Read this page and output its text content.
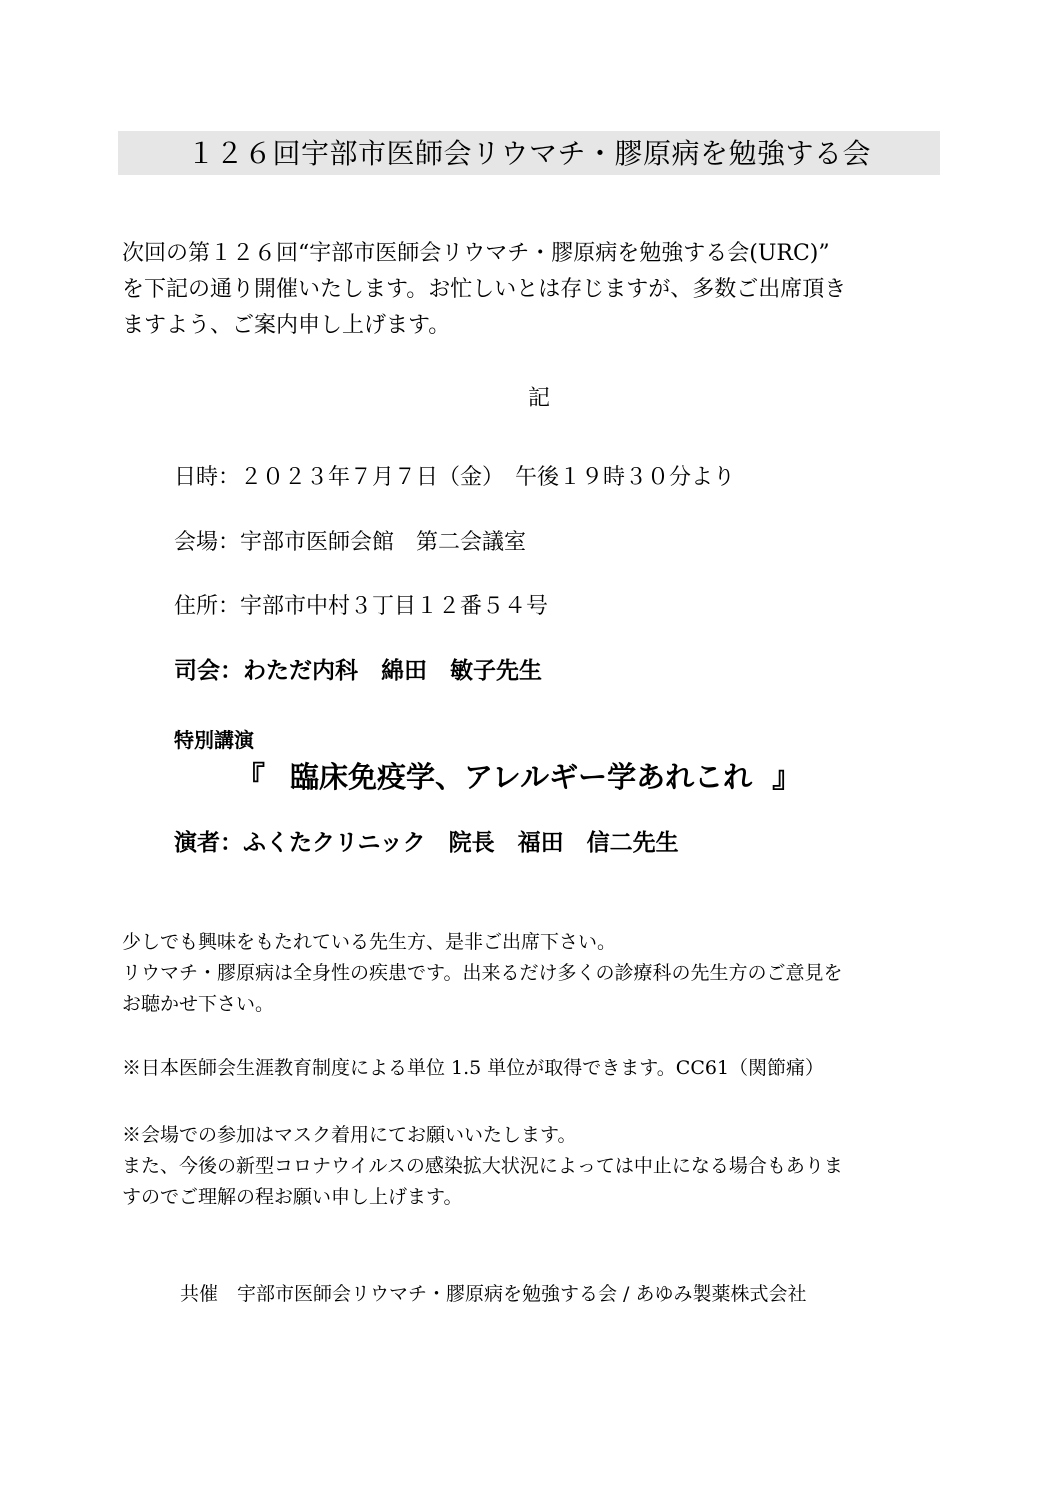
１２６回宇部市医師会リウマチ・膠原病を勉強する会
次回の第１２６回“宇部市医師会リウマチ・膠原病を勉強する会(URC)”
を下記の通り開催いたします。お忙しいとは存じますが、多数ご出席頂き
ますよう、ご案内申し上げます。
記
日時：２０２３年７月７日（金）　午後１９時３０分より
会場：宇部市医師会館　第二会議室
住所：宇部市中村３丁目１２番５４号
司会：わただ内科　綿田　敏子先生
特別講演
『 臨床免疫学、アレルギー学あれこれ 』
演者：ふくたクリニック　院長　福田　信二先生
少しでも興味をもたれている先生方、是非ご出席下さい。
リウマチ・膠原病は全身性の疾患です。出来るだけ多くの診療科の先生方のご意見を
お聴かせ下さい。
※日本医師会生涯教育制度による単位 1.5 単位が取得できます。CC61（関節痛）
※会場での参加はマスク着用にてお願いいたします。
また、今後の新型コロナウイルスの感染拡大状況によっては中止になる場合もありま
すのでご理解の程お願い申し上げます。
共催　宇部市医師会リウマチ・膠原病を勉強する会 / あゆみ製薬株式会社
